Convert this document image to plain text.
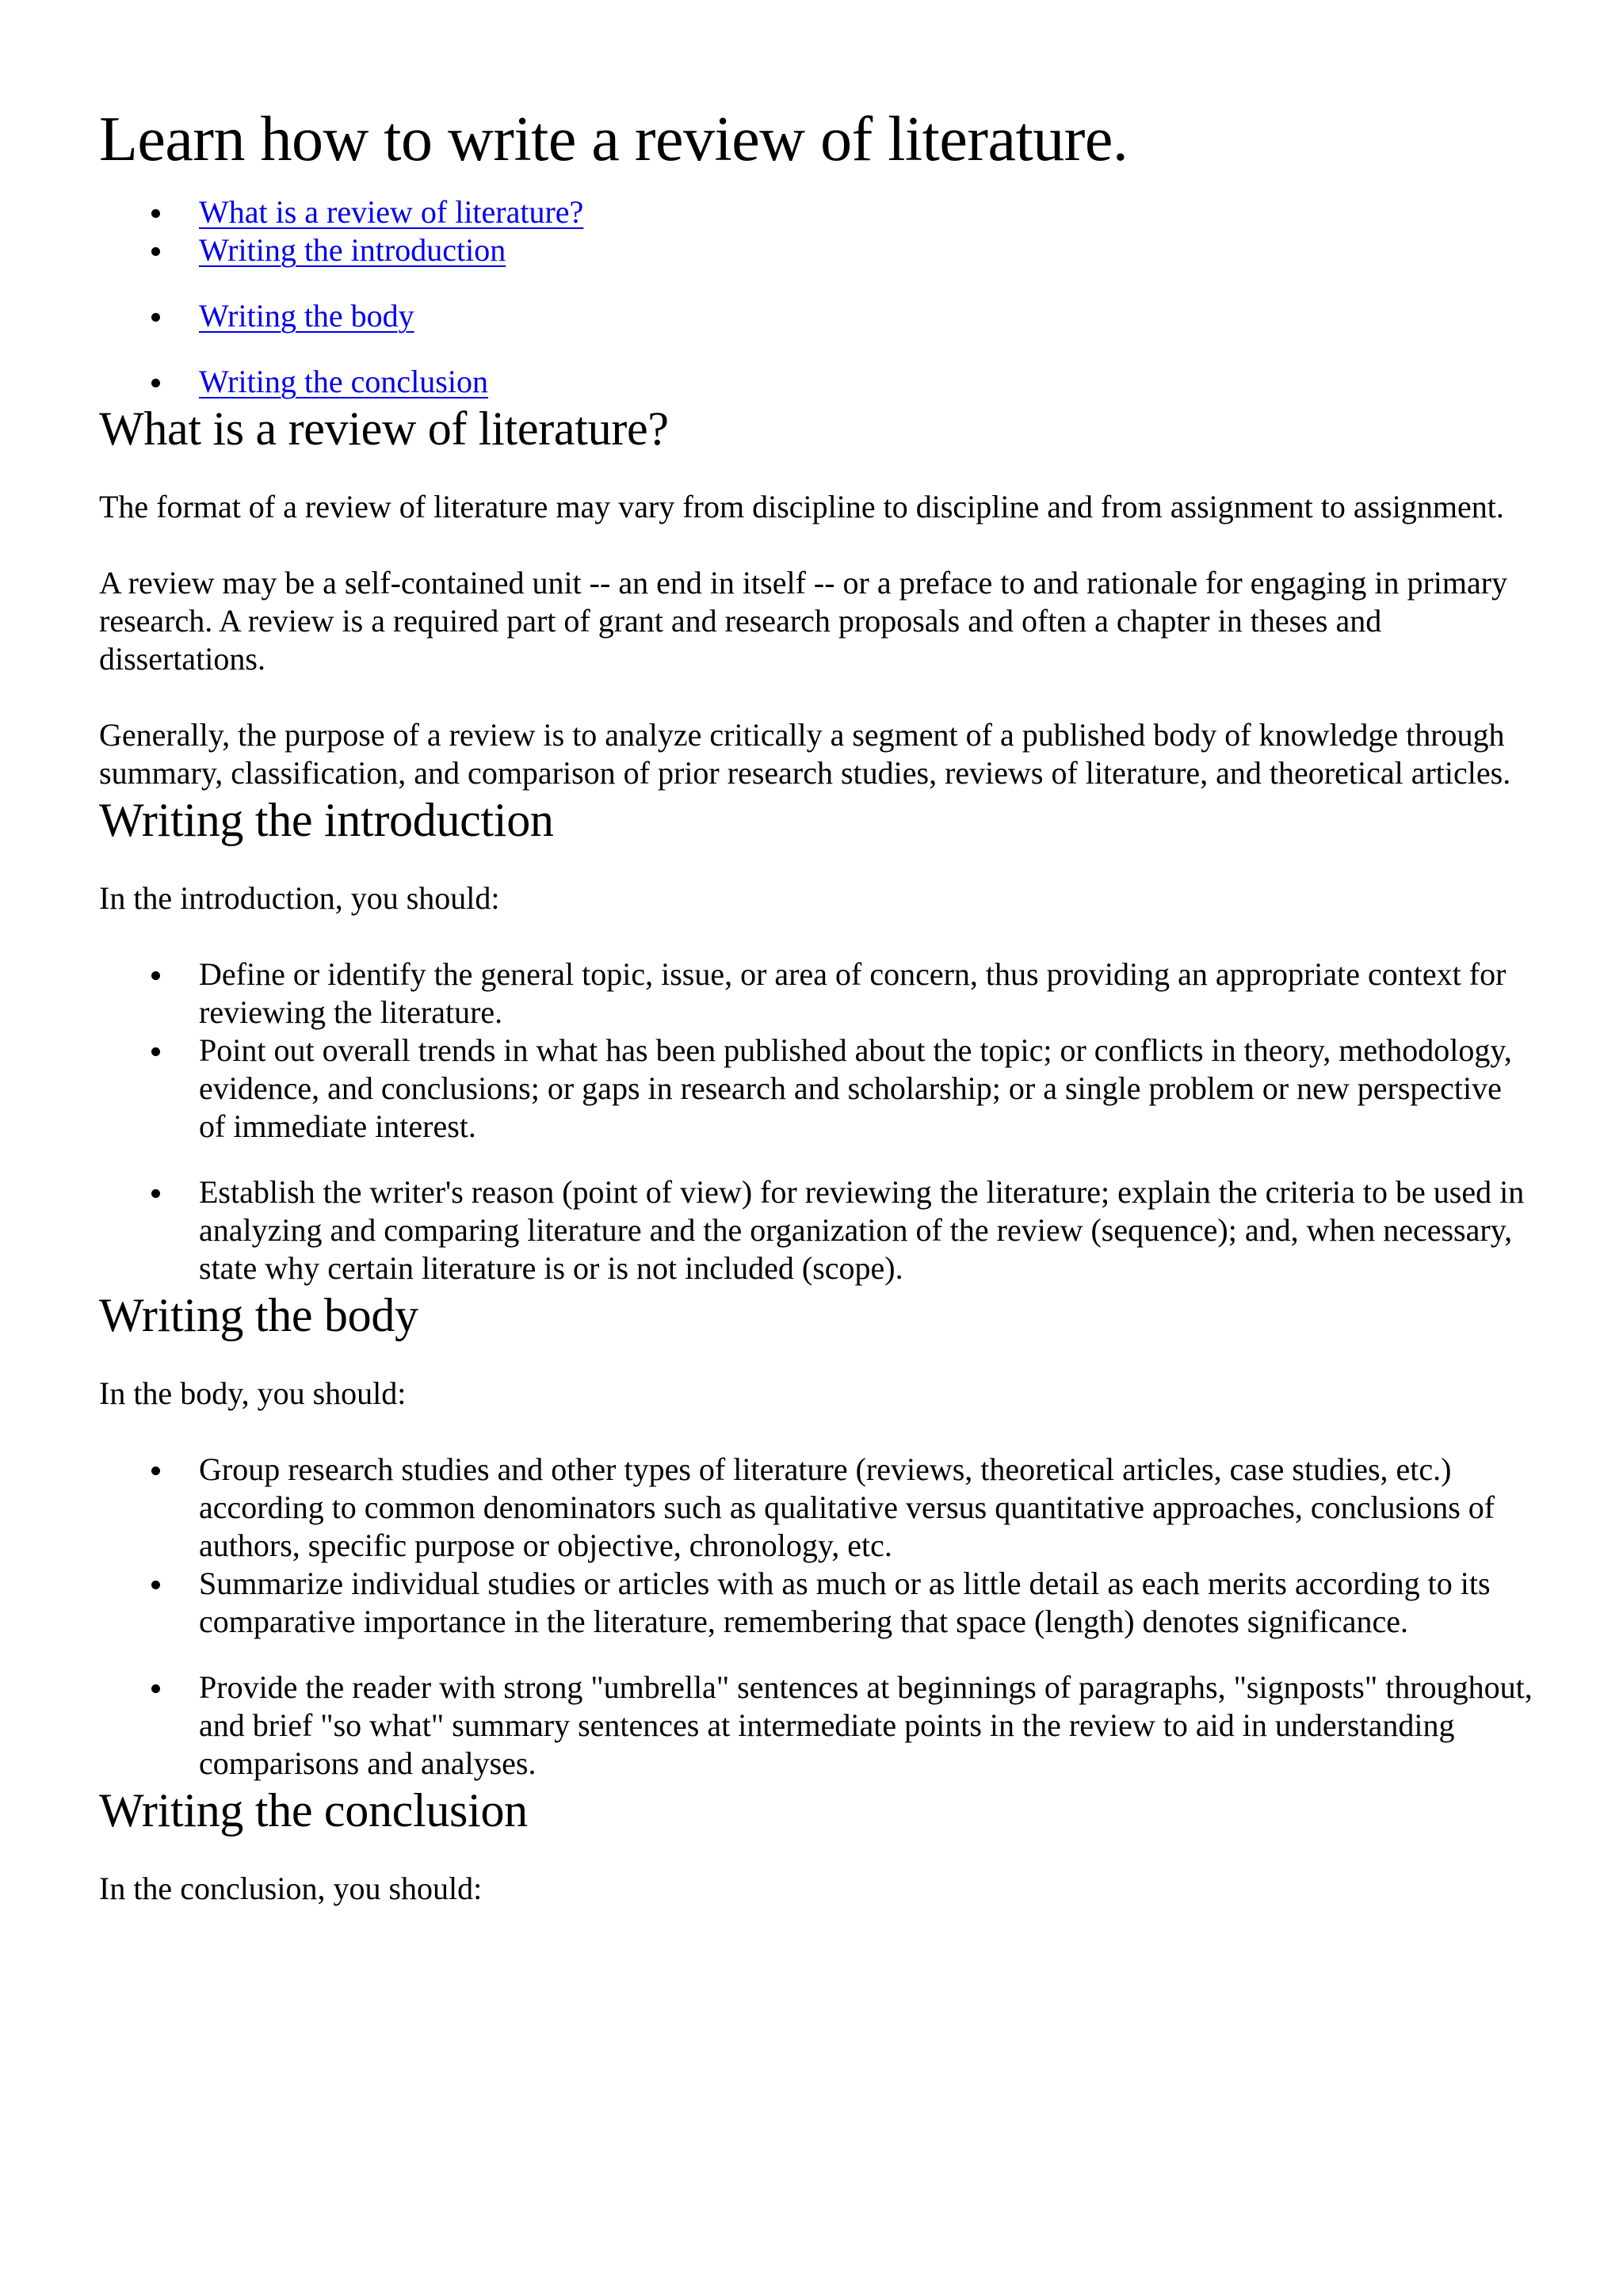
Learn how to write a review of literature.
What is a review of literature?
Writing the introduction
Writing the body
Writing the conclusion
What is a review of literature?

The format of a review of literature may vary from discipline to discipline and from assignment to assignment.

A review may be a self-contained unit -- an end in itself -- or a preface to and rationale for engaging in primary research. A review is a required part of grant and research proposals and often a chapter in theses and dissertations.

Generally, the purpose of a review is to analyze critically a segment of a published body of knowledge through summary, classification, and comparison of prior research studies, reviews of literature, and theoretical articles.

Writing the introduction

In the introduction, you should:

Define or identify the general topic, issue, or area of concern, thus providing an appropriate context for reviewing the literature.
Point out overall trends in what has been published about the topic; or conflicts in theory, methodology, evidence, and conclusions; or gaps in research and scholarship; or a single problem or new perspective of immediate interest.
Establish the writer's reason (point of view) for reviewing the literature; explain the criteria to be used in analyzing and comparing literature and the organization of the review (sequence); and, when necessary, state why certain literature is or is not included (scope).
Writing the body

In the body, you should:

Group research studies and other types of literature (reviews, theoretical articles, case studies, etc.) according to common denominators such as qualitative versus quantitative approaches, conclusions of authors, specific purpose or objective, chronology, etc.
Summarize individual studies or articles with as much or as little detail as each merits according to its comparative importance in the literature, remembering that space (length) denotes significance.
Provide the reader with strong "umbrella" sentences at beginnings of paragraphs, "signposts" throughout, and brief "so what" summary sentences at intermediate points in the review to aid in understanding comparisons and analyses.
Writing the conclusion

In the conclusion, you should:
